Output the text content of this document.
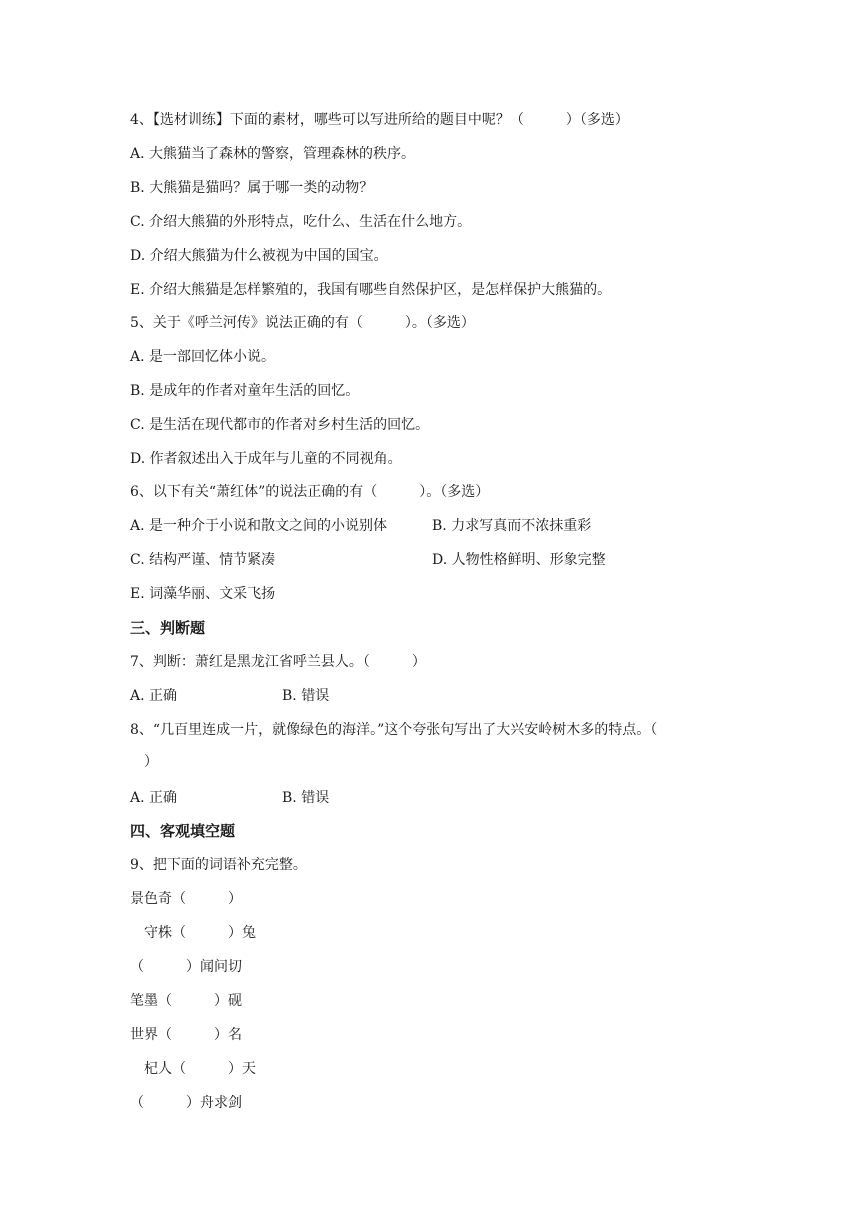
4、【选材训练】下面的素材，哪些可以写进所给的题目中呢？（　　　）（多选）
A. 大熊猫当了森林的警察，管理森林的秩序。
B. 大熊猫是猫吗？属于哪一类的动物？
C. 介绍大熊猫的外形特点，吃什么、生活在什么地方。
D. 介绍大熊猫为什么被视为中国的国宝。
E. 介绍大熊猫是怎样繁殖的，我国有哪些自然保护区，是怎样保护大熊猫的。
5、关于《呼兰河传》说法正确的有（　　　）。（多选）
A. 是一部回忆体小说。
B. 是成年的作者对童年生活的回忆。
C. 是生活在现代都市的作者对乡村生活的回忆。
D. 作者叙述出入于成年与儿童的不同视角。
6、以下有关“萧红体”的说法正确的有（　　　）。（多选）
A. 是一种介于小说和散文之间的小说别体	B. 力求写真而不浓抹重彩
C. 结构严谨、情节紧凑	D. 人物性格鲜明、形象完整
E. 词藻华丽、文采飞扬
三、判断题
7、判断：萧红是黑龙江省呼兰县人。（　　　）
A. 正确	B. 错误
8、“几百里连成一片，就像绿色的海洋。”这个夸张句写出了大兴安岭树木多的特点。（
　）
A. 正确	B. 错误
四、客观填空题
9、把下面的词语补充完整。
景色奇（　　　）
　守株（　　　）兔
（　　　）闻问切
笔墨（　　　）砚
世界（　　　）名
　杞人（　　　）天
（　　　）舟求剑
